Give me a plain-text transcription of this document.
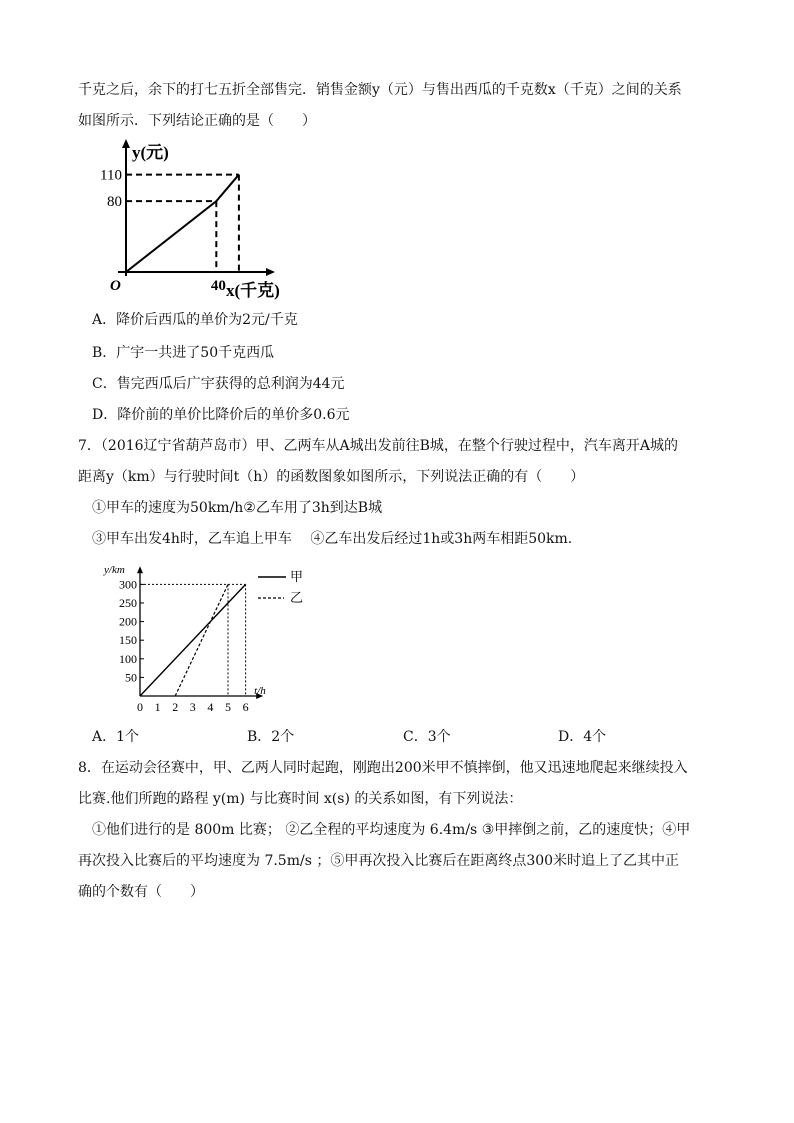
千克之后，余下的打七五折全部售完．销售金额y（元）与售出西瓜的千克数x（千克）之间的关系
如图所示．下列结论正确的是（　　）
80
110
40
O
y(元)
x(千克)
A．降价后西瓜的单价为2元/千克
B．广宇一共进了50千克西瓜
C．售完西瓜后广宇获得的总利润为44元
D．降价前的单价比降价后的单价多0.6元
7．（2016辽宁省葫芦岛市）甲、乙两车从A城出发前往B城，在整个行驶过程中，汽车离开A城的
距离y（km）与行驶时间t（h）的函数图象如图所示，下列说法正确的有（　　）
①甲车的速度为50km/h②乙车用了3h到达B城
③甲车出发4h时，乙车追上甲车　 ④乙车出发后经过1h或3h两车相距50km.
50
100
150
200
250
300
0 1 2 3 4 5 6
甲
乙
y/km
t/h
A．1个	B．2个	C．3个	D．4个
8．在运动会径赛中，甲、乙两人同时起跑，刚跑出200米甲不慎摔倒，他又迅速地爬起来继续投入
比赛.他们所跑的路程 y(m) 与比赛时间 x(s) 的关系如图，有下列说法：
①他们进行的是 800m 比赛； ②乙全程的平均速度为 6.4m/s ③甲摔倒之前，乙的速度快；④甲
再次投入比赛后的平均速度为 7.5m/s ；⑤甲再次投入比赛后在距离终点300米时追上了乙其中正
确的个数有（　　）
